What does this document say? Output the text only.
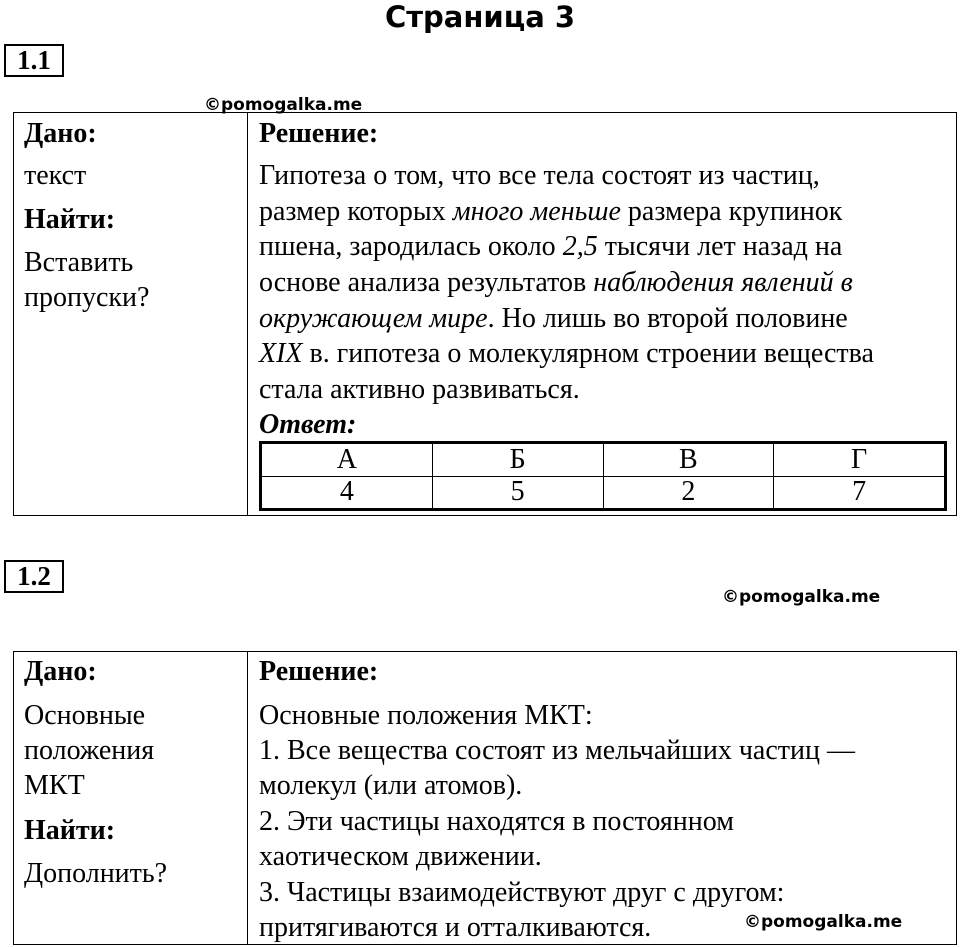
Страница 3
1.1
©pomogalka.me
Дано:
текст
Найти:
Вставить
пропуски?
Решение:
Гипотеза о том, что все тела состоят из частиц,
размер которых много меньше размера крупинок
пшена, зародилась около 2,5 тысячи лет назад на
основе анализа результатов наблюдения явлений в
окружающем мире. Но лишь во второй половине
XIX в. гипотеза о молекулярном строении вещества
стала активно развиваться.
Ответ:
А	Б	В	Г
4	5	2	7
1.2
©pomogalka.me
Дано:
Основные
положения
МКТ
Найти:
Дополнить?
Решение:
Основные положения МКТ:
1. Все вещества состоят из мельчайших частиц —
молекул (или атомов).
2. Эти частицы находятся в постоянном
хаотическом движении.
3. Частицы взаимодействуют друг с другом:
притягиваются и отталкиваются.	©pomogalka.me
